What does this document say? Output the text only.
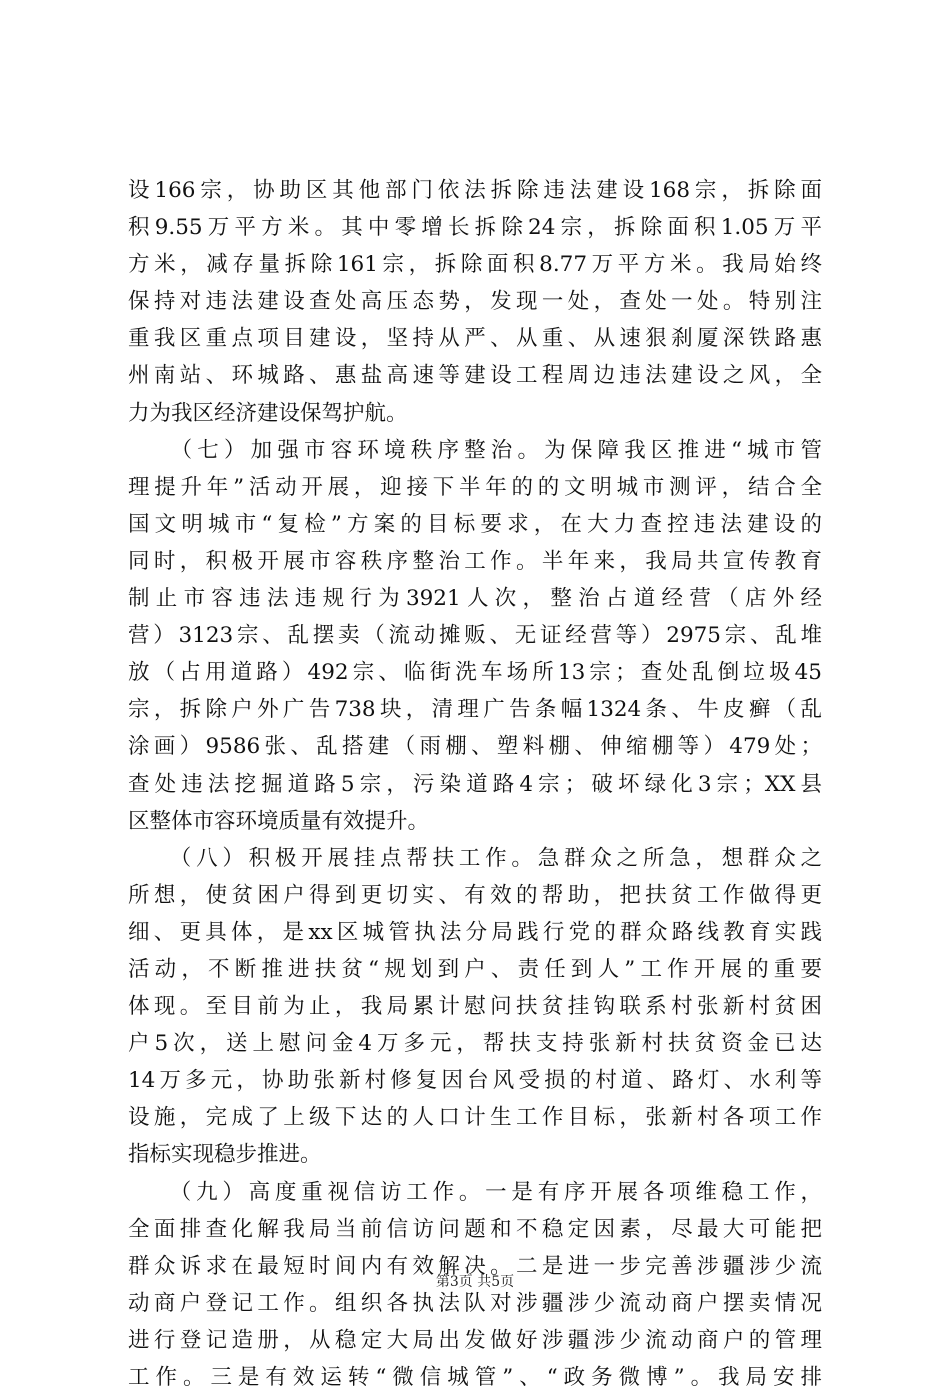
设166宗，协助区其他部门依法拆除违法建设168宗，拆除面
积9.55万平方米。其中零增长拆除24宗，拆除面积1.05万平
方米，减存量拆除161宗，拆除面积8.77万平方米。我局始终
保持对违法建设查处高压态势，发现一处，查处一处。特别注
重我区重点项目建设，坚持从严、从重、从速狠刹厦深铁路惠
州南站、环城路、惠盐高速等建设工程周边违法建设之风，全
力为我区经济建设保驾护航。
　　（七）加强市容环境秩序整治。为保障我区推进“城市管
理提升年”活动开展，迎接下半年的的文明城市测评，结合全
国文明城市“复检”方案的目标要求，在大力查控违法建设的
同时，积极开展市容秩序整治工作。半年来，我局共宣传教育
制止市容违法违规行为3921人次，整治占道经营（店外经
营）3123宗、乱摆卖（流动摊贩、无证经营等）2975宗、乱堆
放（占用道路）492宗、临街洗车场所13宗；查处乱倒垃圾45
宗，拆除户外广告738块，清理广告条幅1324条、牛皮癣（乱
涂画）9586张、乱搭建（雨棚、塑料棚、伸缩棚等）479处；
查处违法挖掘道路5宗，污染道路4宗；破坏绿化3宗；XX县
区整体市容环境质量有效提升。
　　（八）积极开展挂点帮扶工作。急群众之所急，想群众之
所想，使贫困户得到更切实、有效的帮助，把扶贫工作做得更
细、更具体，是xx区城管执法分局践行党的群众路线教育实践
活动，不断推进扶贫“规划到户、责任到人”工作开展的重要
体现。至目前为止，我局累计慰问扶贫挂钩联系村张新村贫困
户5次，送上慰问金4万多元，帮扶支持张新村扶贫资金已达
14万多元，协助张新村修复因台风受损的村道、路灯、水利等
设施，完成了上级下达的人口计生工作目标，张新村各项工作
指标实现稳步推进。
　　（九）高度重视信访工作。一是有序开展各项维稳工作，
全面排查化解我局当前信访问题和不稳定因素，尽最大可能把
群众诉求在最短时间内有效解决。二是进一步完善涉疆涉少流
动商户登记工作。组织各执法队对涉疆涉少流动商户摆卖情况
进行登记造册，从稳定大局出发做好涉疆涉少流动商户的管理
工作。三是有效运转“微信城管”、“政务微博”。我局安排
第3页 共5页
